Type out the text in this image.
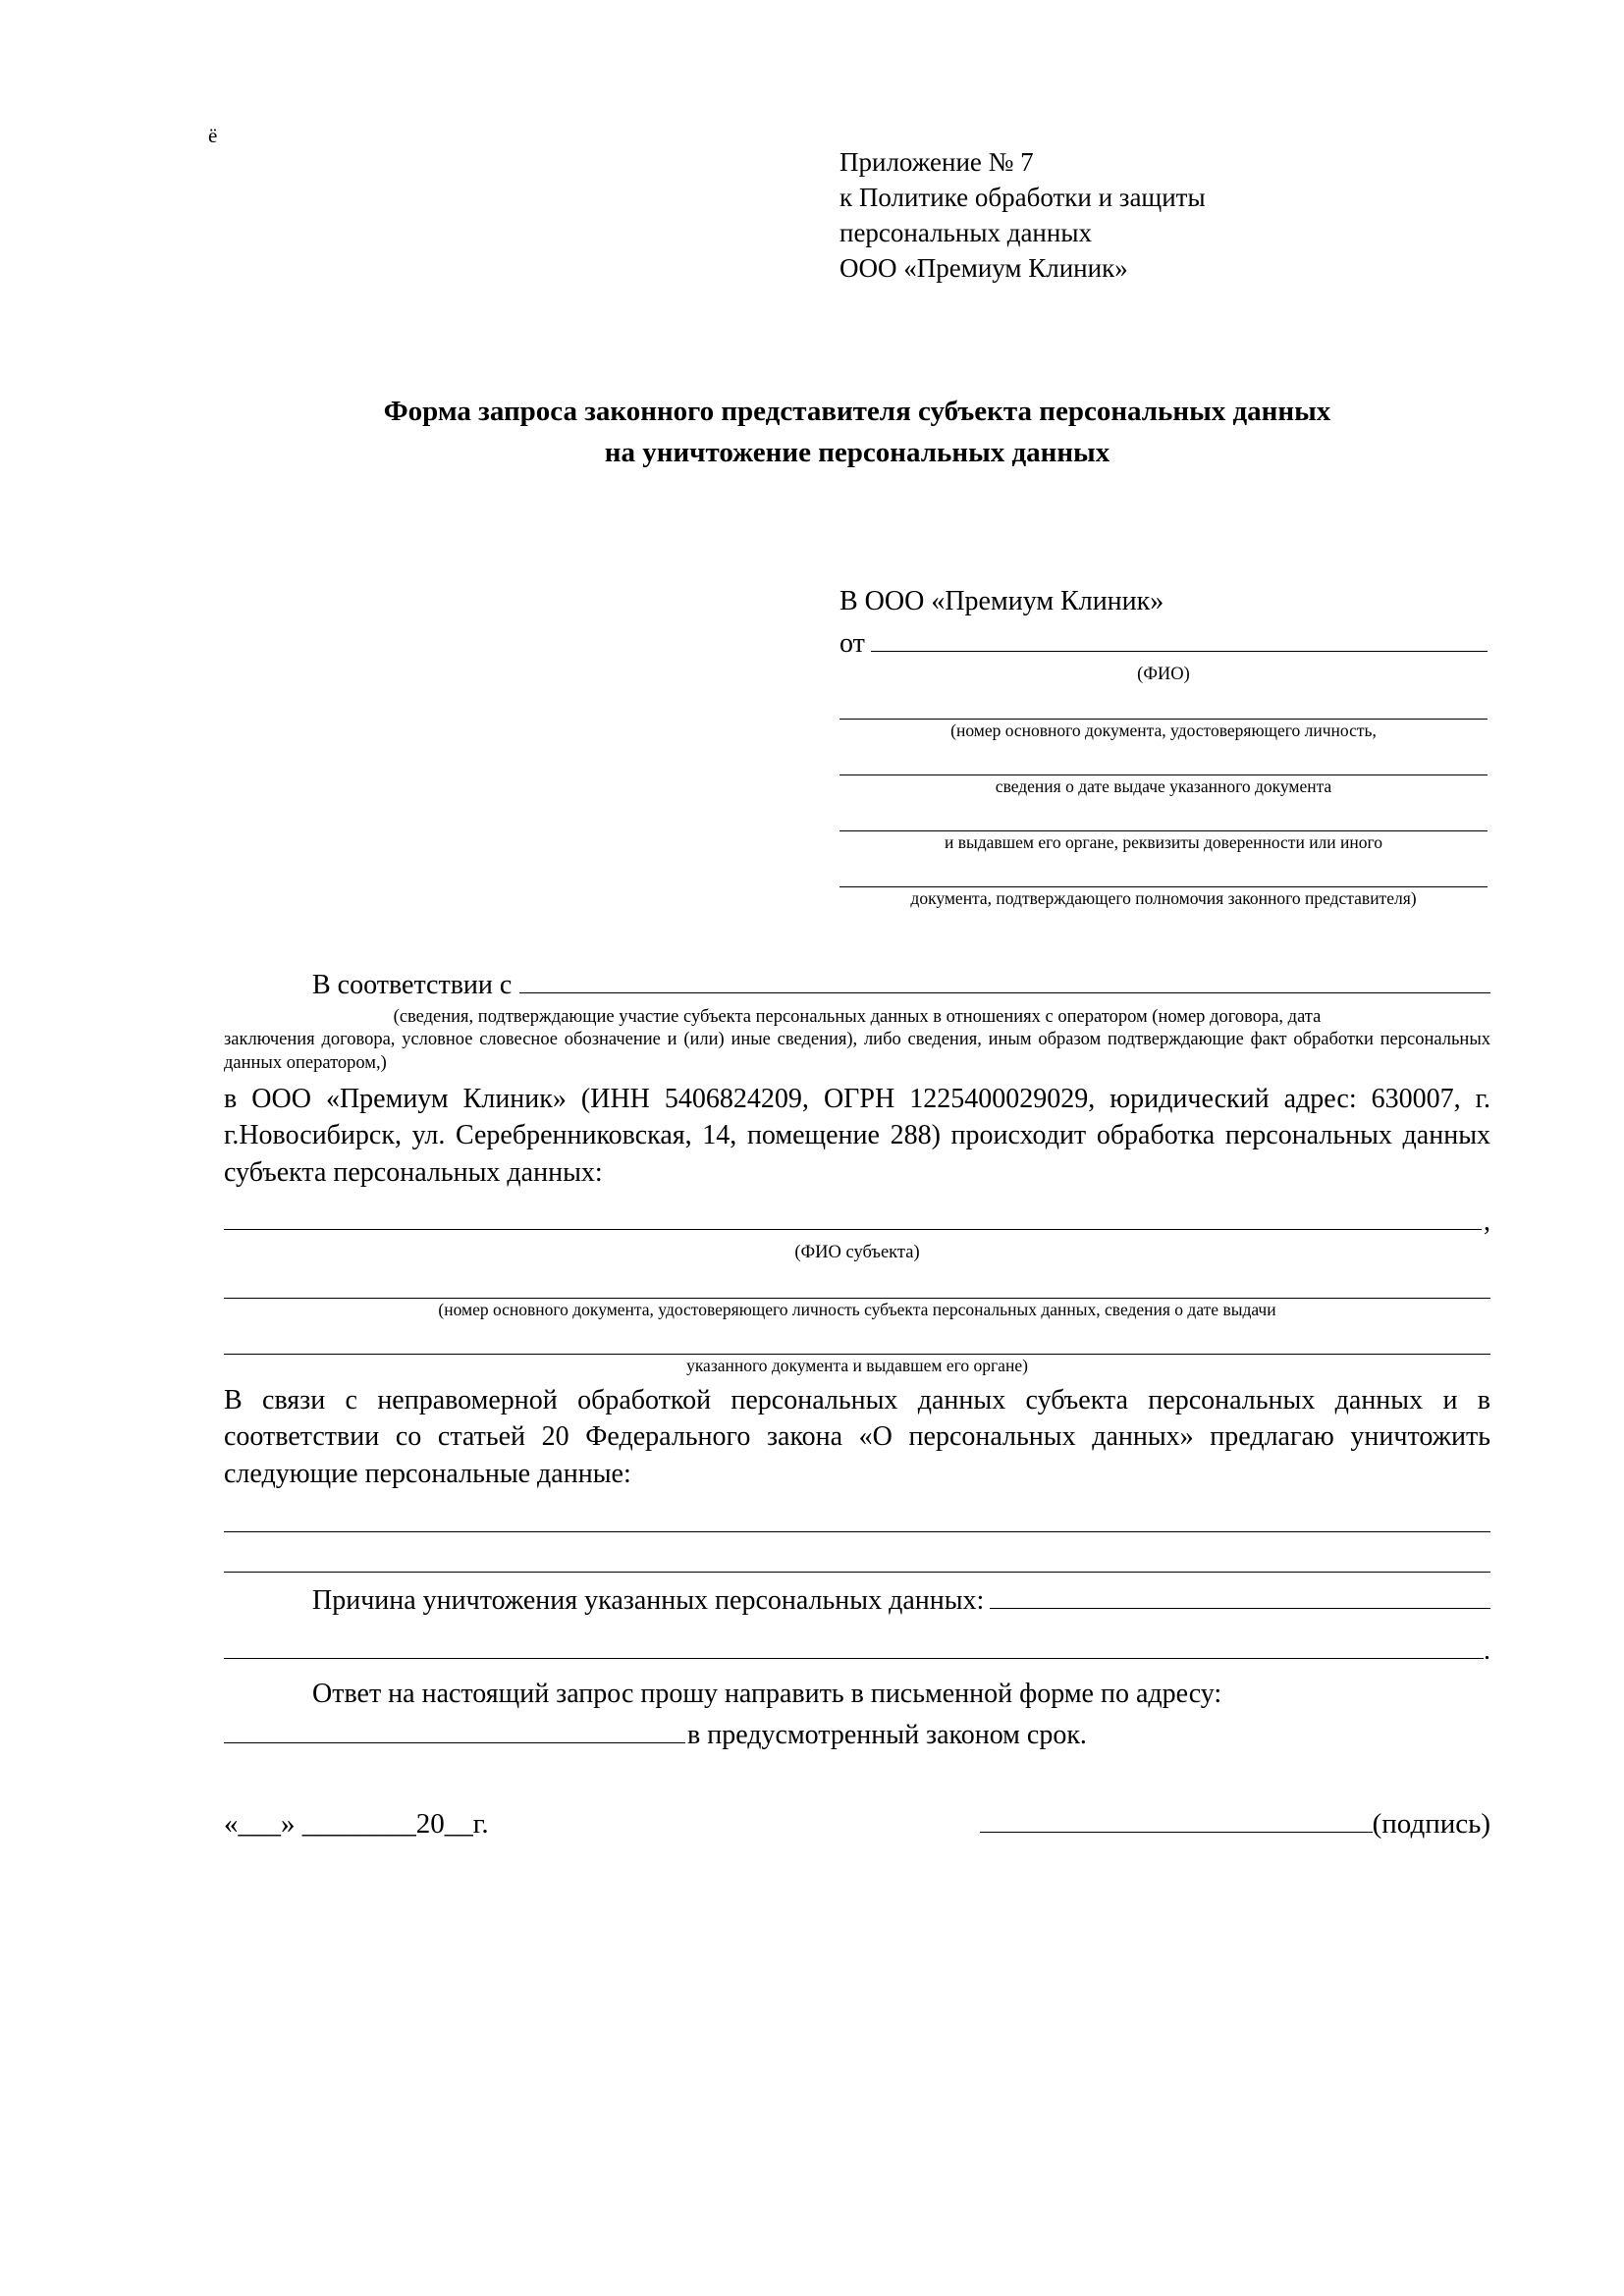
ё
Приложение № 7
к Политике обработки и защиты
персональных данных
ООО «Премиум Клиник»
Форма запроса законного представителя субъекта персональных данных
на уничтожение персональных данных
В ООО «Премиум Клиник»
от
(ФИО)
(номер основного документа, удостоверяющего личность,
сведения о дате выдаче указанного документа
и выдавшем его органе, реквизиты доверенности или иного
документа, подтверждающего полномочия законного представителя)
В соответствии с
(сведения, подтверждающие участие субъекта персональных данных в отношениях с оператором (номер договора, дата
заключения договора, условное словесное обозначение и (или) иные сведения), либо сведения, иным образом подтверждающие факт обработки персональных данных оператором,)
в ООО «Премиум Клиник» (ИНН 5406824209, ОГРН 1225400029029, юридический адрес: 630007, г. г.Новосибирск, ул. Серебренниковская, 14, помещение 288) происходит обработка персональных данных субъекта персональных данных:
,
(ФИО субъекта)
(номер основного документа, удостоверяющего личность субъекта персональных данных, сведения о дате выдачи
указанного документа и выдавшем его органе)
В связи с неправомерной обработкой персональных данных субъекта персональных данных и в соответствии со статьей 20 Федерального закона «О персональных данных» предлагаю уничтожить следующие персональные данные:
Причина уничтожения указанных персональных данных:
.
Ответ на настоящий запрос прошу направить в письменной форме по адресу:
в предусмотренный законом срок.
«___» ________20__г.	(подпись)
